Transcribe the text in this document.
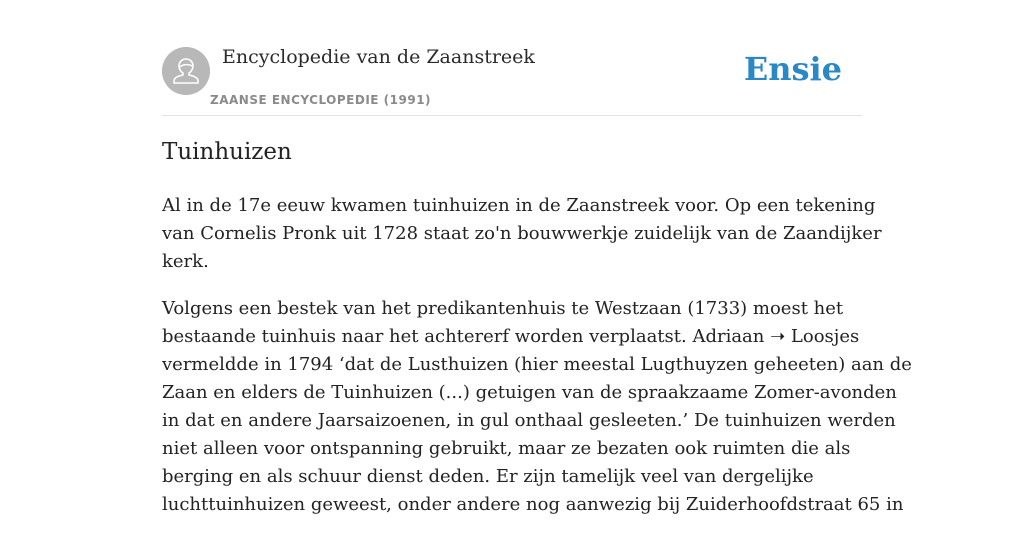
Encyclopedie van de Zaanstreek
ZAANSE ENCYCLOPEDIE (1991)
Ensie
Tuinhuizen

Al in de 17e eeuw kwamen tuinhuizen in de Zaanstreek voor. Op een tekening
van Cornelis Pronk uit 1728 staat zo'n bouwwerkje zuidelijk van de Zaandijker
kerk.

Volgens een bestek van het predikantenhuis te Westzaan (1733) moest het
bestaande tuinhuis naar het achtererf worden verplaatst. Adriaan ➝ Loosjes
vermeldde in 1794 ‘dat de Lusthuizen (hier meestal Lugthuyzen geheeten) aan de
Zaan en elders de Tuinhuizen (...) getuigen van de spraakzaame Zomer-avonden
in dat en andere Jaarsaizoenen, in gul onthaal gesleeten.’ De tuinhuizen werden
niet alleen voor ontspanning gebruikt, maar ze bezaten ook ruimten die als
berging en als schuur dienst deden. Er zijn tamelijk veel van dergelijke
luchttuinhuizen geweest, onder andere nog aanwezig bij Zuiderhoofdstraat 65 in
